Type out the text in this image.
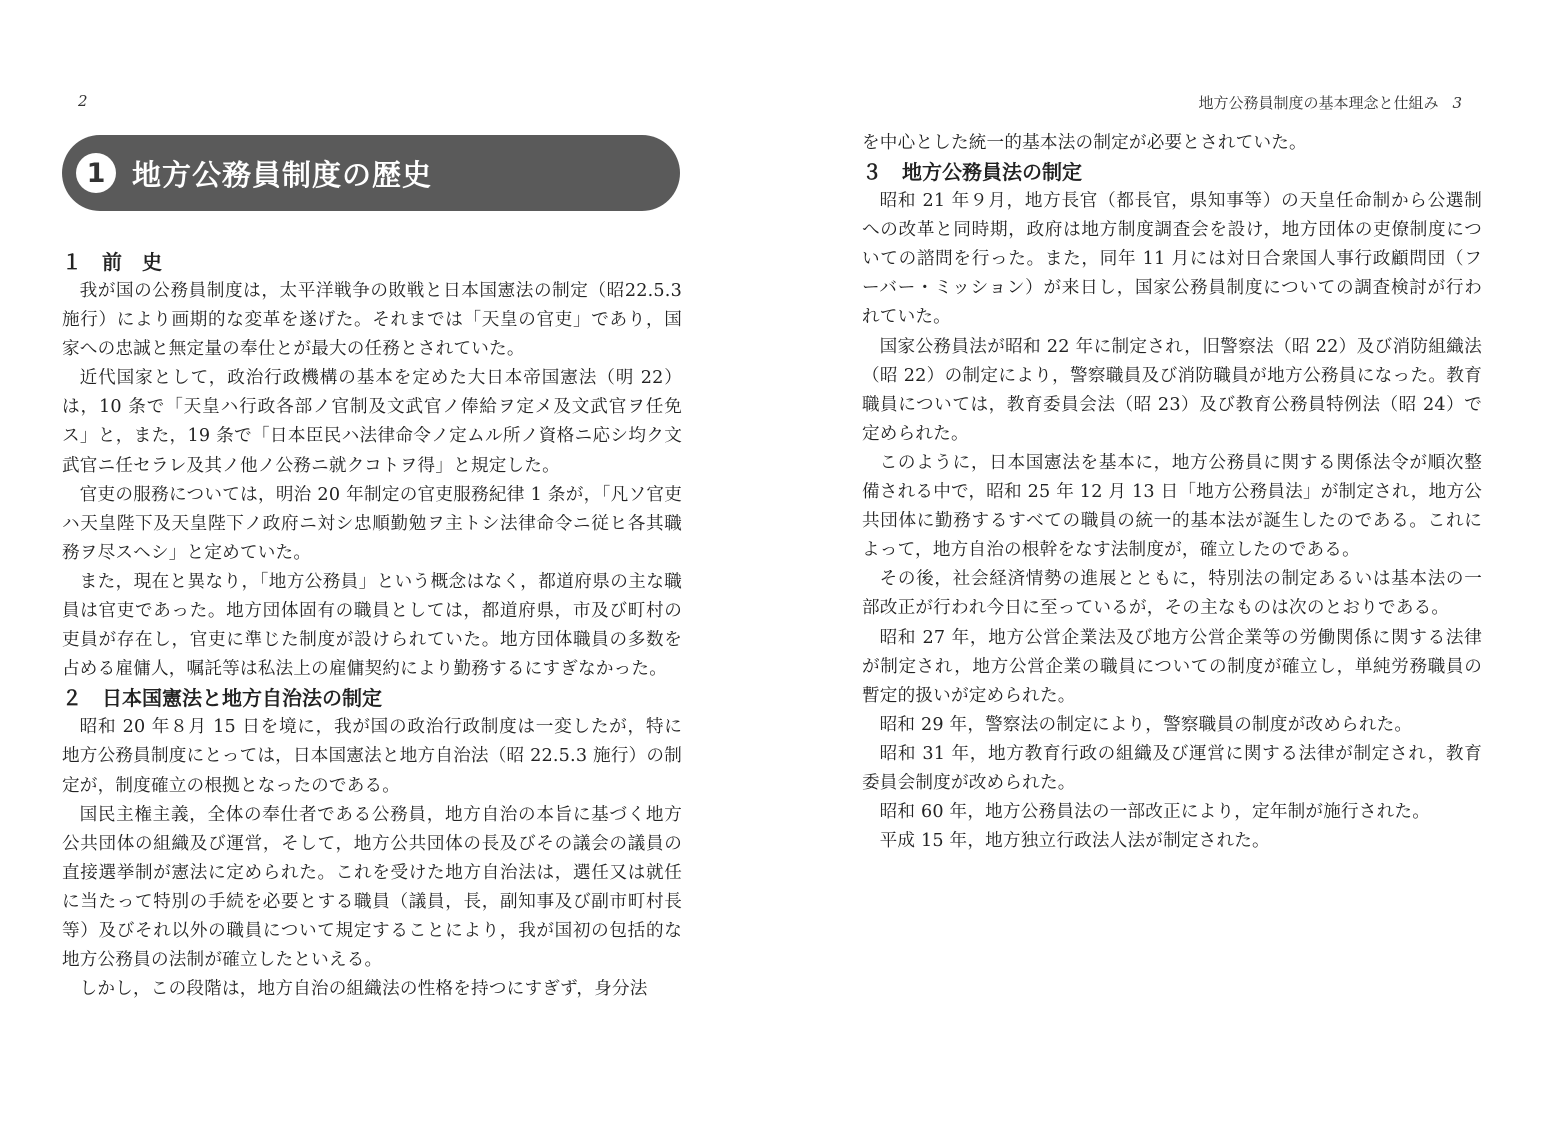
2	地方公務員制度の基本理念と仕組み 3
1 地方公務員制度の歴史
１　前　史

我が国の公務員制度は，太平洋戦争の敗戦と日本国憲法の制定（昭22.5.3 施行）により画期的な変革を遂げた。それまでは「天皇の官吏」であり，国家への忠誠と無定量の奉仕とが最大の任務とされていた。

近代国家として，政治行政機構の基本を定めた大日本帝国憲法（明 22）は，10 条で「天皇ハ行政各部ノ官制及文武官ノ俸給ヲ定メ及文武官ヲ任免ス」と，また，19 条で「日本臣民ハ法律命令ノ定ムル所ノ資格ニ応シ均ク文武官ニ任セラレ及其ノ他ノ公務ニ就クコトヲ得」と規定した。

官吏の服務については，明治 20 年制定の官吏服務紀律 1 条が，「凡ソ官吏ハ天皇陛下及天皇陛下ノ政府ニ対シ忠順勤勉ヲ主トシ法律命令ニ従ヒ各其職務ヲ尽スヘシ」と定めていた。

また，現在と異なり，「地方公務員」という概念はなく，都道府県の主な職員は官吏であった。地方団体固有の職員としては，都道府県，市及び町村の吏員が存在し，官吏に準じた制度が設けられていた。地方団体職員の多数を占める雇傭人，嘱託等は私法上の雇傭契約により勤務するにすぎなかった。

２　日本国憲法と地方自治法の制定

昭和 20 年８月 15 日を境に，我が国の政治行政制度は一変したが，特に地方公務員制度にとっては，日本国憲法と地方自治法（昭 22.5.3 施行）の制定が，制度確立の根拠となったのである。

国民主権主義，全体の奉仕者である公務員，地方自治の本旨に基づく地方公共団体の組織及び運営，そして，地方公共団体の長及びその議会の議員の直接選挙制が憲法に定められた。これを受けた地方自治法は，選任又は就任に当たって特別の手続を必要とする職員（議員，長，副知事及び副市町村長等）及びそれ以外の職員について規定することにより，我が国初の包括的な地方公務員の法制が確立したといえる。

しかし，この段階は，地方自治の組織法の性格を持つにすぎず，身分法

を中心とした統一的基本法の制定が必要とされていた。

３　地方公務員法の制定

昭和 21 年９月，地方長官（都長官，県知事等）の天皇任命制から公選制への改革と同時期，政府は地方制度調査会を設け，地方団体の吏僚制度についての諮問を行った。また，同年 11 月には対日合衆国人事行政顧問団（フーバー・ミッション）が来日し，国家公務員制度についての調査検討が行われていた。

国家公務員法が昭和 22 年に制定され，旧警察法（昭 22）及び消防組織法（昭 22）の制定により，警察職員及び消防職員が地方公務員になった。教育職員については，教育委員会法（昭 23）及び教育公務員特例法（昭 24）で定められた。

このように，日本国憲法を基本に，地方公務員に関する関係法令が順次整備される中で，昭和 25 年 12 月 13 日「地方公務員法」が制定され，地方公共団体に勤務するすべての職員の統一的基本法が誕生したのである。これによって，地方自治の根幹をなす法制度が，確立したのである。

その後，社会経済情勢の進展とともに，特別法の制定あるいは基本法の一部改正が行われ今日に至っているが，その主なものは次のとおりである。

昭和 27 年，地方公営企業法及び地方公営企業等の労働関係に関する法律が制定され，地方公営企業の職員についての制度が確立し，単純労務職員の暫定的扱いが定められた。

昭和 29 年，警察法の制定により，警察職員の制度が改められた。

昭和 31 年，地方教育行政の組織及び運営に関する法律が制定され，教育委員会制度が改められた。

昭和 60 年，地方公務員法の一部改正により，定年制が施行された。

平成 15 年，地方独立行政法人法が制定された。
